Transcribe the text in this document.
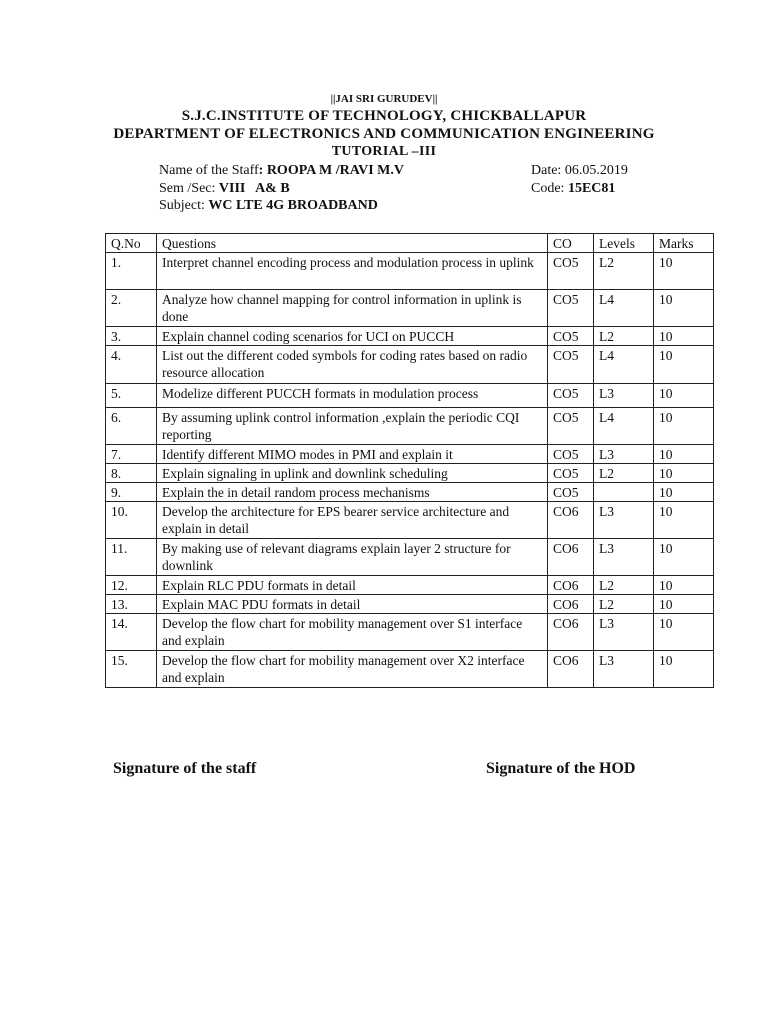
||JAI SRI GURUDEV||
S.J.C.INSTITUTE OF TECHNOLOGY, CHICKBALLAPUR
DEPARTMENT OF ELECTRONICS AND COMMUNICATION ENGINEERING
TUTORIAL –III
Name of the Staff: ROOPA M /RAVI M.V	Date: 06.05.2019
Sem /Sec: VIII   A& B	Code: 15EC81
Subject: WC LTE 4G BROADBAND
Q.No	Questions	CO	Levels	Marks
1.	Interpret channel encoding process and modulation process in uplink	CO5	L2	10
2.	Analyze how channel mapping for control information in uplink is done	CO5	L4	10
3.	Explain channel coding scenarios for UCI on PUCCH	CO5	L2	10
4.	List out the different coded symbols for coding rates based on radio resource allocation	CO5	L4	10
5.	Modelize different PUCCH formats in modulation process	CO5	L3	10
6.	By assuming uplink control information ,explain the periodic CQI reporting	CO5	L4	10
7.	Identify different MIMO modes in PMI and explain it	CO5	L3	10
8.	Explain signaling in uplink and downlink scheduling	CO5	L2	10
9.	Explain the in detail random process mechanisms	CO5		10
10.	Develop the architecture for EPS bearer service architecture and explain in detail	CO6	L3	10
11.	By making use of relevant diagrams explain layer 2 structure for downlink	CO6	L3	10
12.	Explain RLC PDU formats in detail	CO6	L2	10
13.	Explain MAC PDU formats in detail	CO6	L2	10
14.	Develop the flow chart for mobility management over S1 interface and explain	CO6	L3	10
15.	Develop the flow chart for mobility management over X2 interface and explain	CO6	L3	10
Signature of the staff	Signature of the HOD
